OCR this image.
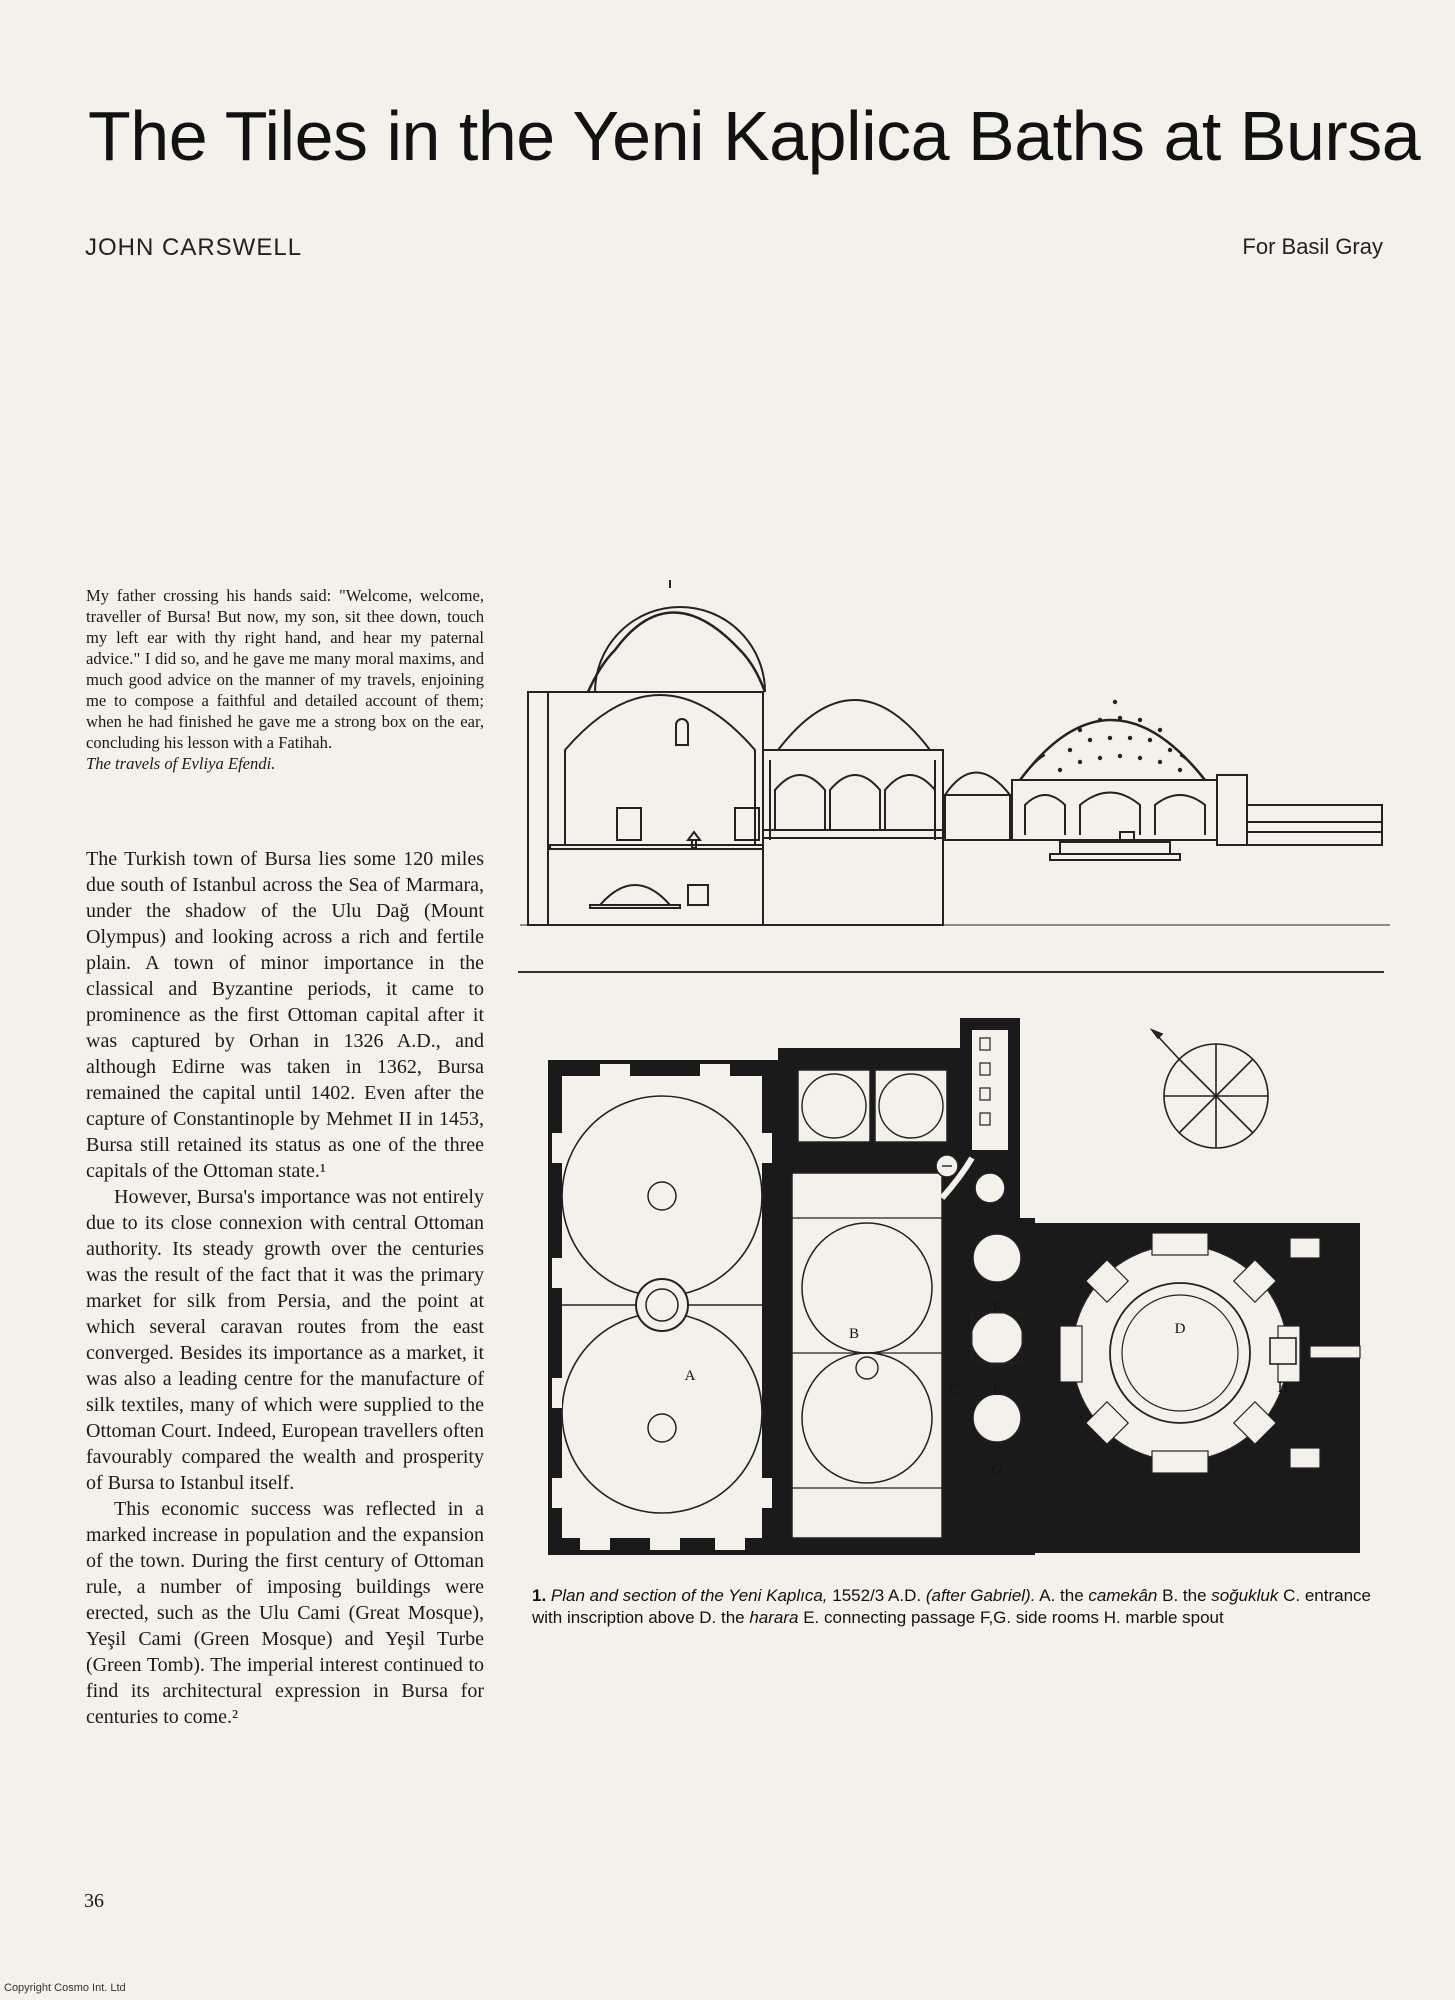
The Tiles in the Yeni Kaplica Baths at Bursa
JOHN CARSWELL	For Basil Gray
My father crossing his hands said: "Welcome, welcome, traveller of Bursa! But now, my son, sit thee down, touch my left ear with thy right hand, and hear my paternal advice." I did so, and he gave me many moral maxims, and much good advice on the manner of my travels, enjoining me to compose a faithful and detailed account of them; when he had finished he gave me a strong box on the ear, concluding his lesson with a Fatihah.
The travels of Evliya Efendi.

The Turkish town of Bursa lies some 120 miles due south of Istanbul across the Sea of Marmara, under the shadow of the Ulu Dağ (Mount Olympus) and looking across a rich and fertile plain. A town of minor importance in the classical and Byzantine periods, it came to prominence as the first Ottoman capital after it was captured by Orhan in 1326 A.D., and although Edirne was taken in 1362, Bursa remained the capital until 1402. Even after the capture of Constantinople by Mehmet II in 1453, Bursa still retained its status as one of the three capitals of the Ottoman state.¹

However, Bursa's importance was not entirely due to its close connexion with central Ottoman authority. Its steady growth over the centuries was the result of the fact that it was the primary market for silk from Persia, and the point at which several caravan routes from the east converged. Besides its importance as a market, it was also a leading centre for the manufacture of silk textiles, many of which were supplied to the Ottoman Court. Indeed, European travellers often favourably compared the wealth and prosperity of Bursa to Istanbul itself.

This economic success was reflected in a marked increase in population and the expansion of the town. During the first century of Ottoman rule, a number of imposing buildings were erected, such as the Ulu Cami (Great Mosque), Yeşil Cami (Green Mosque) and Yeşil Turbe (Green Tomb). The imperial interest continued to find its architectural expression in Bursa for centuries to come.²

36
A
B
C
D
E
F
G
H
1. Plan and section of the Yeni Kaplıca, 1552/3 A.D. (after Gabriel). A. the camekân B. the soğukluk C. entrance with inscription above D. the harara E. connecting passage F,G. side rooms H. marble spout
Copyright Cosmo Int. Ltd
